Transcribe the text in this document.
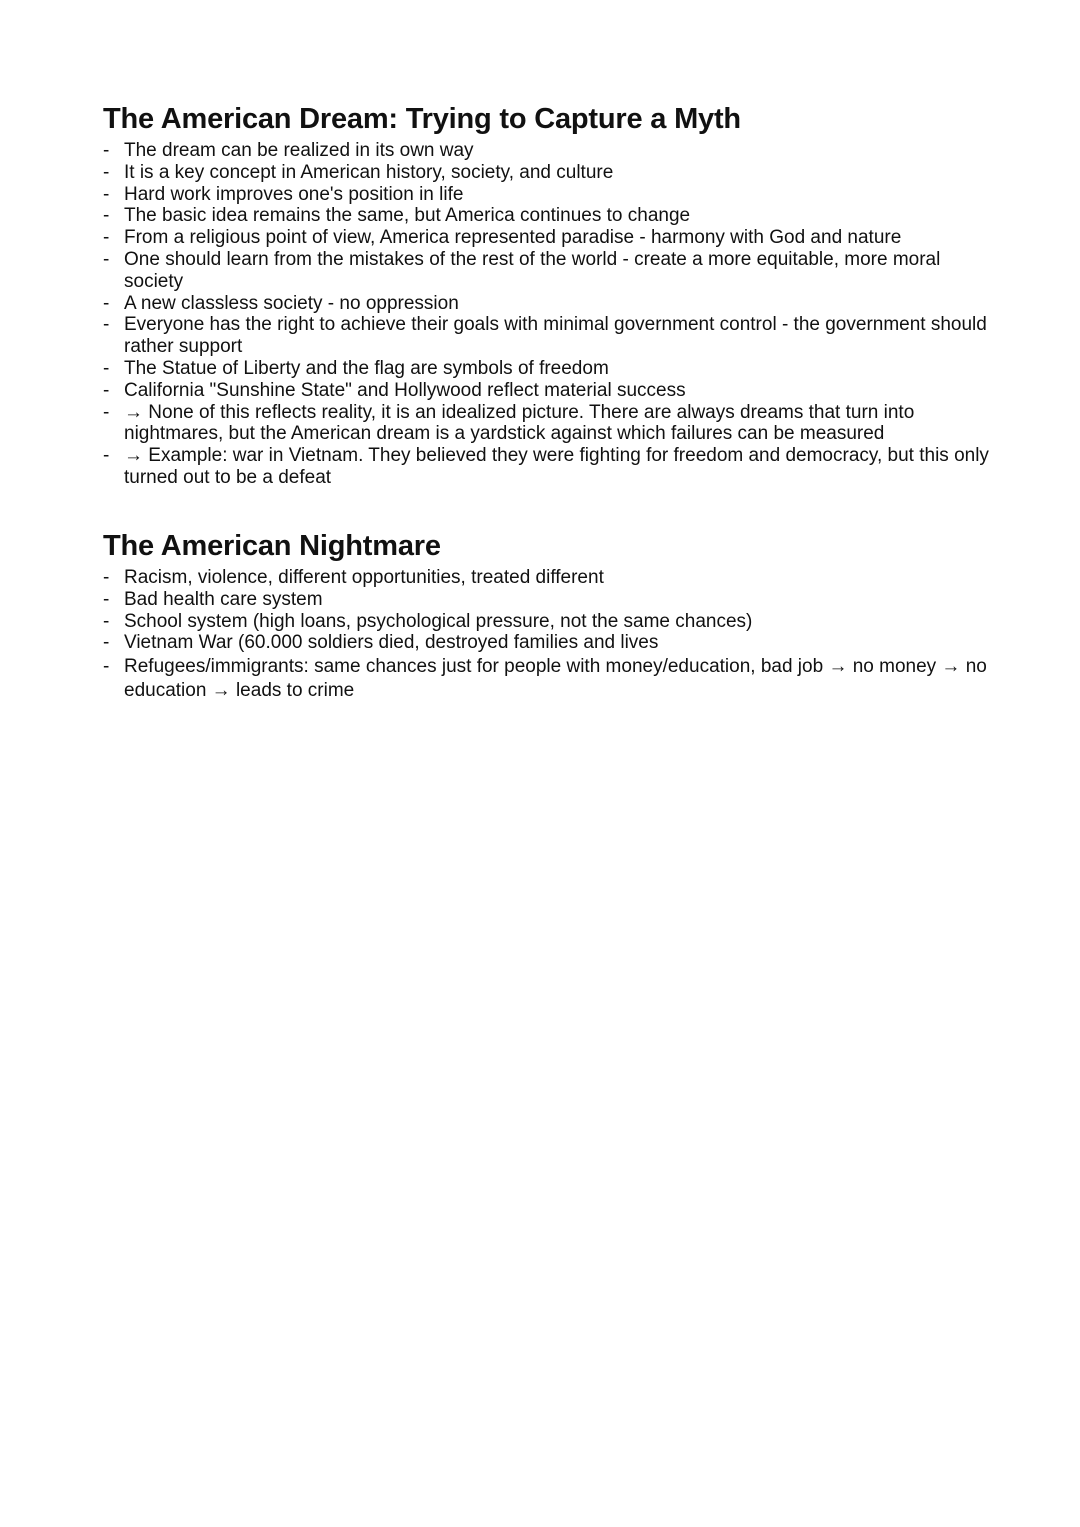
The American Dream: Trying to Capture a Myth
- The dream can be realized in its own way
- It is a key concept in American history, society, and culture
- Hard work improves one's position in life
- The basic idea remains the same, but America continues to change
- From a religious point of view, America represented paradise - harmony with God and nature
- One should learn from the mistakes of the rest of the world - create a more equitable, more moral society
- A new classless society - no oppression
- Everyone has the right to achieve their goals with minimal government control - the government should rather support
- The Statue of Liberty and the flag are symbols of freedom
- California "Sunshine State" and Hollywood reflect material success
- → None of this reflects reality, it is an idealized picture. There are always dreams that turn into nightmares, but the American dream is a yardstick against which failures can be measured
- → Example: war in Vietnam. They believed they were fighting for freedom and democracy, but this only turned out to be a defeat
The American Nightmare
- Racism, violence, different opportunities, treated different
- Bad health care system
- School system (high loans, psychological pressure, not the same chances)
- Vietnam War (60.000 soldiers died, destroyed families and lives
- Refugees/immigrants: same chances just for people with money/education, bad job → no money → no education → leads to crime
